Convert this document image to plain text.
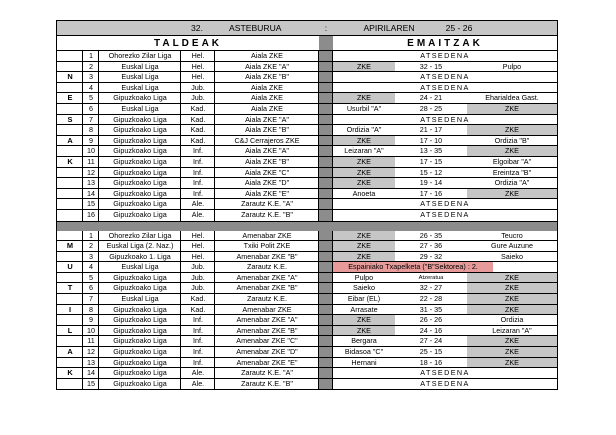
32.	ASTEBURUA	:	APIRILAREN	25 - 26
TALDEAK	EMAITZAK
1	Ohorezko Zilar Liga	Hel.	Aiala ZKE	ATSEDENA
2	Euskal Liga	Hel.	Aiala ZKE "A"	ZKE	32 - 15	Pulpo
N	3	Euskal Liga	Hel.	Aiala ZKE "B"	ATSEDENA
4	Euskal Liga	Jub.	Aiala ZKE	ATSEDENA
E	5	Gipuzkoako Liga	Jub.	Aiala ZKE	ZKE	24 - 21	Eharialdea Gast.
6	Euskal Liga	Kad.	Aiala ZKE	Usurbil "A"	28 - 25	ZKE
S	7	Gipuzkoako Liga	Kad.	Aiala ZKE "A"	ATSEDENA
8	Gipuzkoako Liga	Kad.	Aiala ZKE "B"	Ordizia "A"	21 - 17	ZKE
A	9	Gipuzkoako Liga	Kad.	C&J Cerrajeros ZKE	ZKE	17 - 10	Ordizia "B"
10	Gipuzkoako Liga	Inf.	Aiala ZKE "A"	Leizaran "A"	13 - 35	ZKE
K	11	Gipuzkoako Liga	Inf.	Aiala ZKE "B"	ZKE	17 - 15	Elgoibar "A"
12	Gipuzkoako Liga	Inf.	Aiala ZKE "C"	ZKE	15 - 12	Ereintza "B"
13	Gipuzkoako Liga	Inf.	Aiala ZKE "D"	ZKE	19 - 14	Ordizia "A"
14	Gipuzkoako Liga	Inf.	Aiala ZKE "E"	Anoeta	17 - 16	ZKE
15	Gipuzkoako Liga	Ale.	Zarautz K.E. "A"	ATSEDENA
16	Gipuzkoako Liga	Ale.	Zarautz K.E. "B"	ATSEDENA
1	Ohorezko Zilar Liga	Hel.	Amenabar ZKE	ZKE	26 - 35	Teucro
M	2	Euskal Liga (2. Naz.)	Hel.	Txiki Polit ZKE	ZKE	27 - 36	Gure Auzune
3	Gipuzkoako 1. Liga	Hel.	Amenabar ZKE "B"	ZKE	29 - 32	Saieko
U	4	Euskal Liga	Jub.	Zarautz K.E.	Espainiako Txapelketa ("B"Sektorea) : 2.
5	Gipuzkoako Liga	Jub.	Amenabar ZKE "A"	Pulpo	Atzeratua	ZKE
T	6	Gipuzkoako Liga	Jub.	Amenabar ZKE "B"	Saieko	32 - 27	ZKE
7	Euskal Liga	Kad.	Zarautz K.E.	Eibar (EL)	22 - 28	ZKE
I	8	Gipuzkoako Liga	Kad.	Amenabar ZKE	Arrasate	31 - 35	ZKE
9	Gipuzkoako Liga	Inf.	Amenabar ZKE "A"	ZKE	26 - 26	Ordizia
L	10	Gipuzkoako Liga	Inf.	Amenabar ZKE "B"	ZKE	24 - 16	Leizaran "A"
11	Gipuzkoako Liga	Inf.	Amenabar ZKE "C"	Bergara	27 - 24	ZKE
A	12	Gipuzkoako Liga	Inf.	Amenabar ZKE "D"	Bidasoa "C"	25 - 15	ZKE
13	Gipuzkoako Liga	Inf.	Amenabar ZKE "E"	Hernani	18 - 16	ZKE
K	14	Gipuzkoako Liga	Ale.	Zarautz K.E. "A"	ATSEDENA
15	Gipuzkoako Liga	Ale.	Zarautz K.E. "B"	ATSEDENA
